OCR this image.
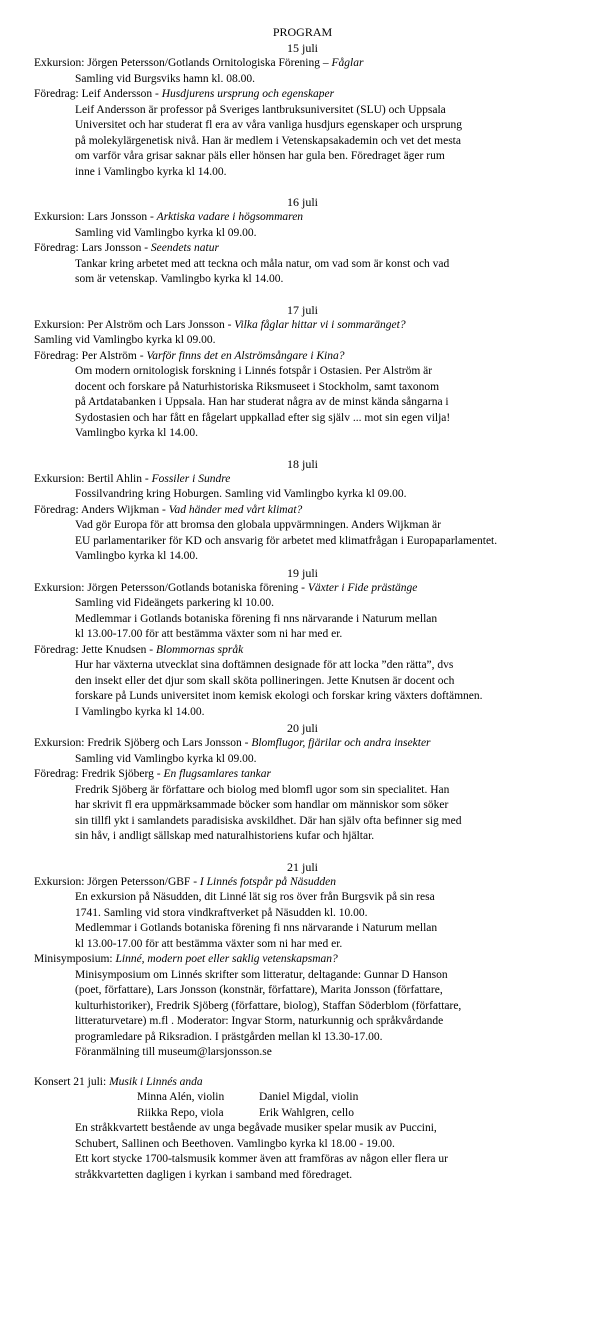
PROGRAM
15 juli
Exkursion: Jörgen Petersson/Gotlands Ornitologiska Förening – Fåglar
Samling vid Burgsviks hamn kl. 08.00.
Föredrag: Leif Andersson - Husdjurens ursprung och egenskaper
Leif Andersson är professor på Sveriges lantbruksuniversitet (SLU) och Uppsala
Universitet och har studerat fl era av våra vanliga husdjurs egenskaper och ursprung
på molekylärgenetisk nivå. Han är medlem i Vetenskapsakademin och vet det mesta
om varför våra grisar saknar päls eller hönsen har gula ben. Föredraget äger rum
inne i Vamlingbo kyrka kl 14.00.
16 juli
Exkursion: Lars Jonsson - Arktiska vadare i högsommaren
Samling vid Vamlingbo kyrka kl 09.00.
Föredrag: Lars Jonsson - Seendets natur
Tankar kring arbetet med att teckna och måla natur, om vad som är konst och vad
som är vetenskap. Vamlingbo kyrka kl 14.00.
17 juli
Exkursion: Per Alström och Lars Jonsson - Vilka fåglar hittar vi i sommaränget?
Samling vid Vamlingbo kyrka kl 09.00.
Föredrag: Per Alström - Varför finns det en Alströmsångare i Kina?
Om modern ornitologisk forskning i Linnés fotspår i Ostasien. Per Alström är
docent och forskare på Naturhistoriska Riksmuseet i Stockholm, samt taxonom
på Artdatabanken i Uppsala. Han har studerat några av de minst kända sångarna i
Sydostasien och har fått en fågelart uppkallad efter sig själv ... mot sin egen vilja!
Vamlingbo kyrka kl 14.00.
18 juli
Exkursion: Bertil Ahlin - Fossiler i Sundre
Fossilvandring kring Hoburgen. Samling vid Vamlingbo kyrka kl 09.00.
Föredrag: Anders Wijkman - Vad händer med vårt klimat?
Vad gör Europa för att bromsa den globala uppvärmningen. Anders Wijkman är
EU parlamentariker för KD och ansvarig för arbetet med klimatfrågan i Europaparlamentet.
Vamlingbo kyrka kl 14.00.
19 juli
Exkursion: Jörgen Petersson/Gotlands botaniska förening - Växter i Fide prästänge
Samling vid Fideängets parkering kl 10.00.
Medlemmar i Gotlands botaniska förening fi nns närvarande i Naturum mellan
kl 13.00-17.00 för att bestämma växter som ni har med er.
Föredrag: Jette Knudsen - Blommornas språk
Hur har växterna utvecklat sina doftämnen designade för att locka ”den rätta”, dvs
den insekt eller det djur som skall sköta pollineringen. Jette Knutsen är docent och
forskare på Lunds universitet inom kemisk ekologi och forskar kring växters doftämnen.
I Vamlingbo kyrka kl 14.00.
20 juli
Exkursion: Fredrik Sjöberg och Lars Jonsson - Blomflugor, fjärilar och andra insekter
Samling vid Vamlingbo kyrka kl 09.00.
Föredrag: Fredrik Sjöberg - En flugsamlares tankar
Fredrik Sjöberg är författare och biolog med blomfl ugor som sin specialitet. Han
har skrivit fl era uppmärksammade böcker som handlar om människor som söker
sin tillfl ykt i samlandets paradisiska avskildhet. Där han själv ofta befinner sig med
sin håv, i andligt sällskap med naturalhistoriens kufar och hjältar.
21 juli
Exkursion: Jörgen Petersson/GBF - I Linnés fotspår på Näsudden
En exkursion på Näsudden, dit Linné lät sig ros över från Burgsvik på sin resa
1741. Samling vid stora vindkraftverket på Näsudden kl. 10.00.
Medlemmar i Gotlands botaniska förening fi nns närvarande i Naturum mellan
kl 13.00-17.00 för att bestämma växter som ni har med er.
Minisymposium: Linné, modern poet eller saklig vetenskapsman?
Minisymposium om Linnés skrifter som litteratur, deltagande: Gunnar D Hanson
(poet, författare), Lars Jonsson (konstnär, författare), Marita Jonsson (författare,
kulturhistoriker), Fredrik Sjöberg (författare, biolog), Staffan Söderblom (författare,
litteraturvetare) m.fl . Moderator: Ingvar Storm, naturkunnig och språkvårdande
programledare på Riksradion. I prästgården mellan kl 13.30-17.00.
Föranmälning till museum@larsjonsson.se
Konsert 21 juli: Musik i Linnés anda
Minna Alén, violin	Daniel Migdal, violin
Riikka Repo, viola	Erik Wahlgren, cello
En stråkkvartett bestående av unga begåvade musiker spelar musik av Puccini,
Schubert, Sallinen och Beethoven. Vamlingbo kyrka kl 18.00 - 19.00.
Ett kort stycke 1700-talsmusik kommer även att framföras av någon eller flera ur
stråkkvartetten dagligen i kyrkan i samband med föredraget.
